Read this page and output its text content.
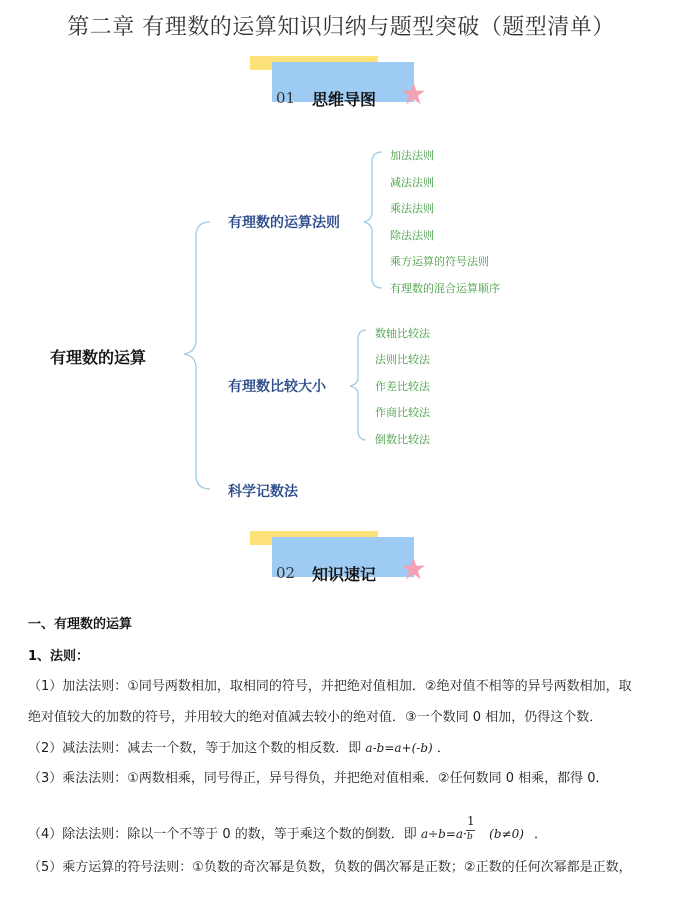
第二章 有理数的运算知识归纳与题型突破（题型清单）
★
01 思维导图
有理数的运算
有理数的运算法则
加法法则
减法法则
乘法法则
除法法则
乘方运算的符号法则
有理数的混合运算顺序
有理数比较大小
数轴比较法
法则比较法
作差比较法
作商比较法
倒数比较法
科学记数法
★
02 知识速记
一、有理数的运算
1、法则：
（1）加法法则：①同号两数相加，取相同的符号，并把绝对值相加．②绝对值不相等的异号两数相加，取
绝对值较大的加数的符号，并用较大的绝对值减去较小的绝对值．③一个数同 0 相加，仍得这个数．
（2）减法法则：减去一个数，等于加这个数的相反数．即 a-b=a+(-b) ．
（3）乘法法则：①两数相乘，同号得正，异号得负，并把绝对值相乘．②任何数同 0 相乘，都得 0．
（4）除法法则：除以一个不等于 0 的数，等于乘这个数的倒数．即 a÷b=a·
1
b (b≠0) ．
（5）乘方运算的符号法则：①负数的奇次幂是负数，负数的偶次幂是正数；②正数的任何次幂都是正数，
